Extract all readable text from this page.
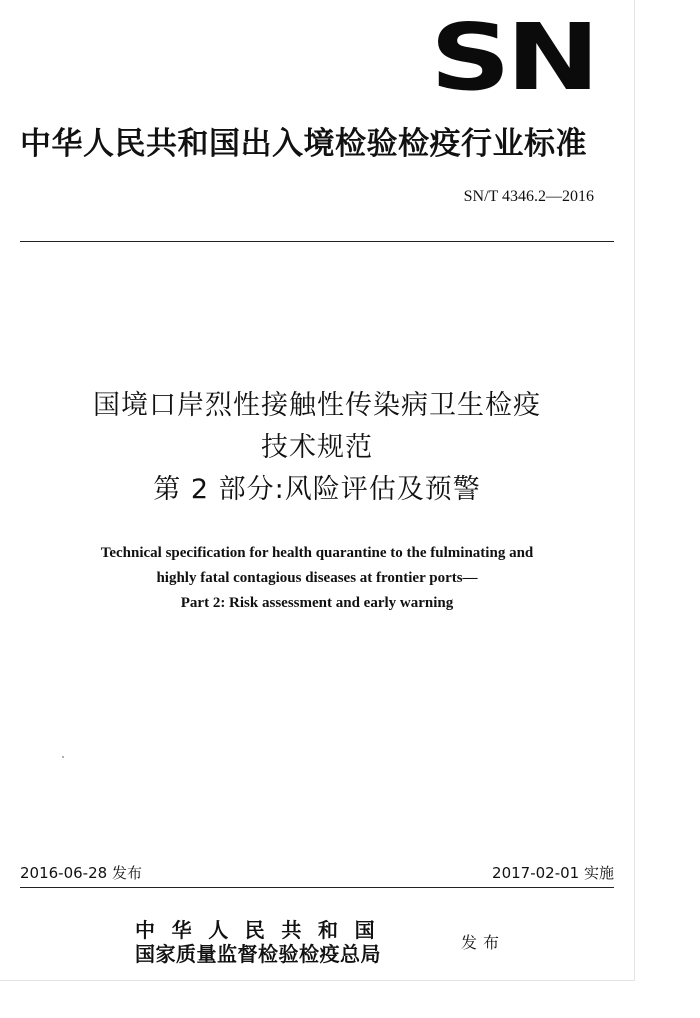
SN
中华人民共和国出入境检验检疫行业标准
SN/T 4346.2—2016
国境口岸烈性接触性传染病卫生检疫
技术规范
第 2 部分:风险评估及预警
Technical specification for health quarantine to the fulminating and
highly fatal contagious diseases at frontier ports—
Part 2: Risk assessment and early warning
2016-06-28 发布	2017-02-01 实施
中华人民共和国
国家质量监督检验检疫总局	发布
